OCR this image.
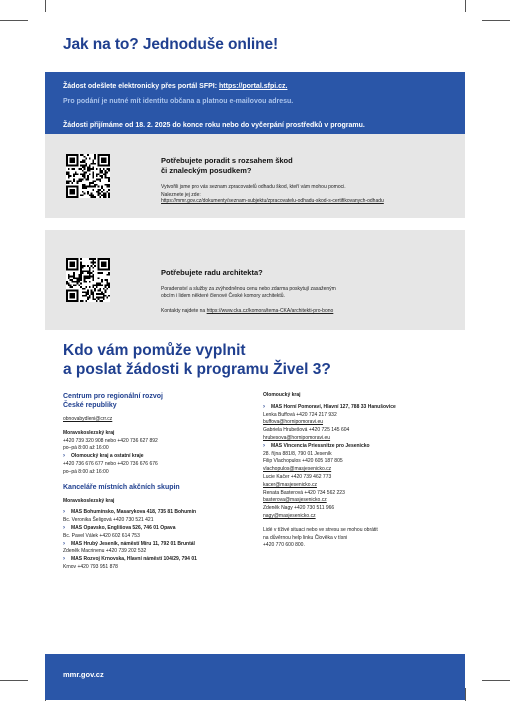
Jak na to? Jednoduše online!

Žádost odešlete elektronicky přes portál SFPI: https://portal.sfpi.cz.

Pro podání je nutné mít identitu občana a platnou e-mailovou adresu.

Žádosti přijímáme od 18. 2. 2025 do konce roku nebo do vyčerpání prostředků v programu.

Potřebujete poradit s rozsahem škod
či znaleckým posudkem?
Vytvořili jsme pro vás seznam zpracovatelů odhadu škod, kteří vám mohou pomoci.
Naleznete jej zde:
https://mmr.gov.cz/dokumenty/seznam-subjektu/zpracovatelu-odhadu-skod-s-certifikovanych-odhadu
Potřebujete radu architekta?
Poradenství a služby za zvýhodněnou cenu nebo zdarma poskytují zasaženým
obcím i lidem některé členové České komory architektů.
Kontakty najdete na https://www.cka.cz/komora/tema-CKA/architekti-pro-bono
Kdo vám pomůže vyplnit
a poslat žádosti k programu Živel 3?
Centrum pro regionální rozvoj
České republiky
obnovabydleni@crr.cz
Moravskoslezský kraj
+420 739 320 908 nebo +420 736 627 892
po–pá 8:00 až 16:00
› Olomoucký kraj a ostatní kraje
+420 736 676 677 nebo +420 736 676 676
po–pá 8:00 až 16:00
Kanceláře místních akčních skupin
Moravskoslezský kraj
› MAS Bohumínsko, Masarykova 418, 735 81 Bohumín
Bc. Veronika Šeligová +420 730 521 421
› MAS Opavsko, Englišova 526, 746 01 Opava
Bc. Pavel Válek +420 602 614 753
› MAS Hrubý Jeseník, náměstí Míru 11, 792 01 Bruntál
Zdeněk Macrinenu +420 739 202 532
› MAS Rozvoj Krnovska, Hlavní náměstí 104/29, 794 01
Krnov +420 793 951 878
Olomoucký kraj
› MAS Horní Pomoraví, Hlavní 127, 788 33 Hanušovice
Lenka Buffová +420 724 217 932
buffova@hornipomoravi.eu
Gabriela Hrubešová +420 725 145 604
hrubesova@hornipomoravi.eu
› MAS Vincencia Priessnitze pro Jesenicko
28. října 881/8, 790 01 Jeseník
Filip Vlachopulos +420 605 187 805
vlachopulos@masjesenicko.cz
Lucie Kačer +420 739 462 773
kacer@masjesenicko.cz
Renata Basterová +420 734 562 223
basterova@masjesenicko.cz
Zdeněk Nagy +420 730 511 966
nagy@masjesenicko.cz
Lidé v tíživé situaci nebo ve stresu se mohou obrátit
na důvěrnou help linku Člověka v tísni
+420 770 600 800.
mmr.gov.cz
